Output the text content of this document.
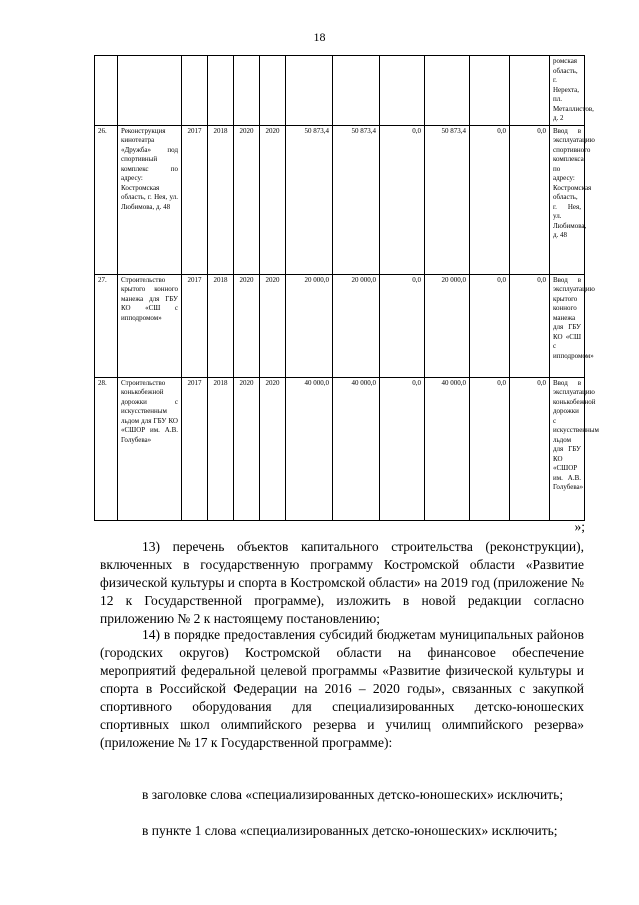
18
												ромская область, г. Нерехта, пл. Металлистов, д. 2
26.	Реконструкция кинотеатра «Дружба» под спортивный комплекс по адресу: Костромская область, г. Нея, ул. Любимова, д. 48	2017	2018	2020	2020	50 873,4	50 873,4	0,0	50 873,4	0,0	0,0	Ввод в эксплуатацию спортивного комплекса по адресу: Костромская область, г. Нея, ул. Любимова, д. 48
27.	Строительство крытого конного манежа для ГБУ КО «СШ с ипподромом»	2017	2018	2020	2020	20 000,0	20 000,0	0,0	20 000,0	0,0	0,0	Ввод в эксплуатацию крытого конного манежа для ГБУ КО «СШ с ипподромом»
28.	Строительство конькобежной дорожки с искусственным льдом для ГБУ КО «СШОР им. А.В. Голубева»	2017	2018	2020	2020	40 000,0	40 000,0	0,0	40 000,0	0,0	0,0	Ввод в эксплуатацию конькобежной дорожки с искусственным льдом для ГБУ КО «СШОР им. А.В. Голубева»
»;

13) перечень объектов капитального строительства (реконструкции), включенных в государственную программу Костромской области «Развитие физической культуры и спорта в Костромской области» на 2019 год (приложение № 12 к Государственной программе), изложить в новой редакции согласно приложению № 2 к настоящему постановлению;

14) в порядке предоставления субсидий бюджетам муниципальных районов (городских округов) Костромской области на финансовое обеспечение мероприятий федеральной целевой программы «Развитие физической культуры и спорта в Российской Федерации на 2016 – 2020 годы», связанных с закупкой спортивного оборудования для специализированных детско-юношеских спортивных школ олимпийского резерва и училищ олимпийского резерва» (приложение № 17 к Государственной программе):

в заголовке слова «специализированных детско-юношеских» исключить;

в пункте 1 слова «специализированных детско-юношеских» исключить;
